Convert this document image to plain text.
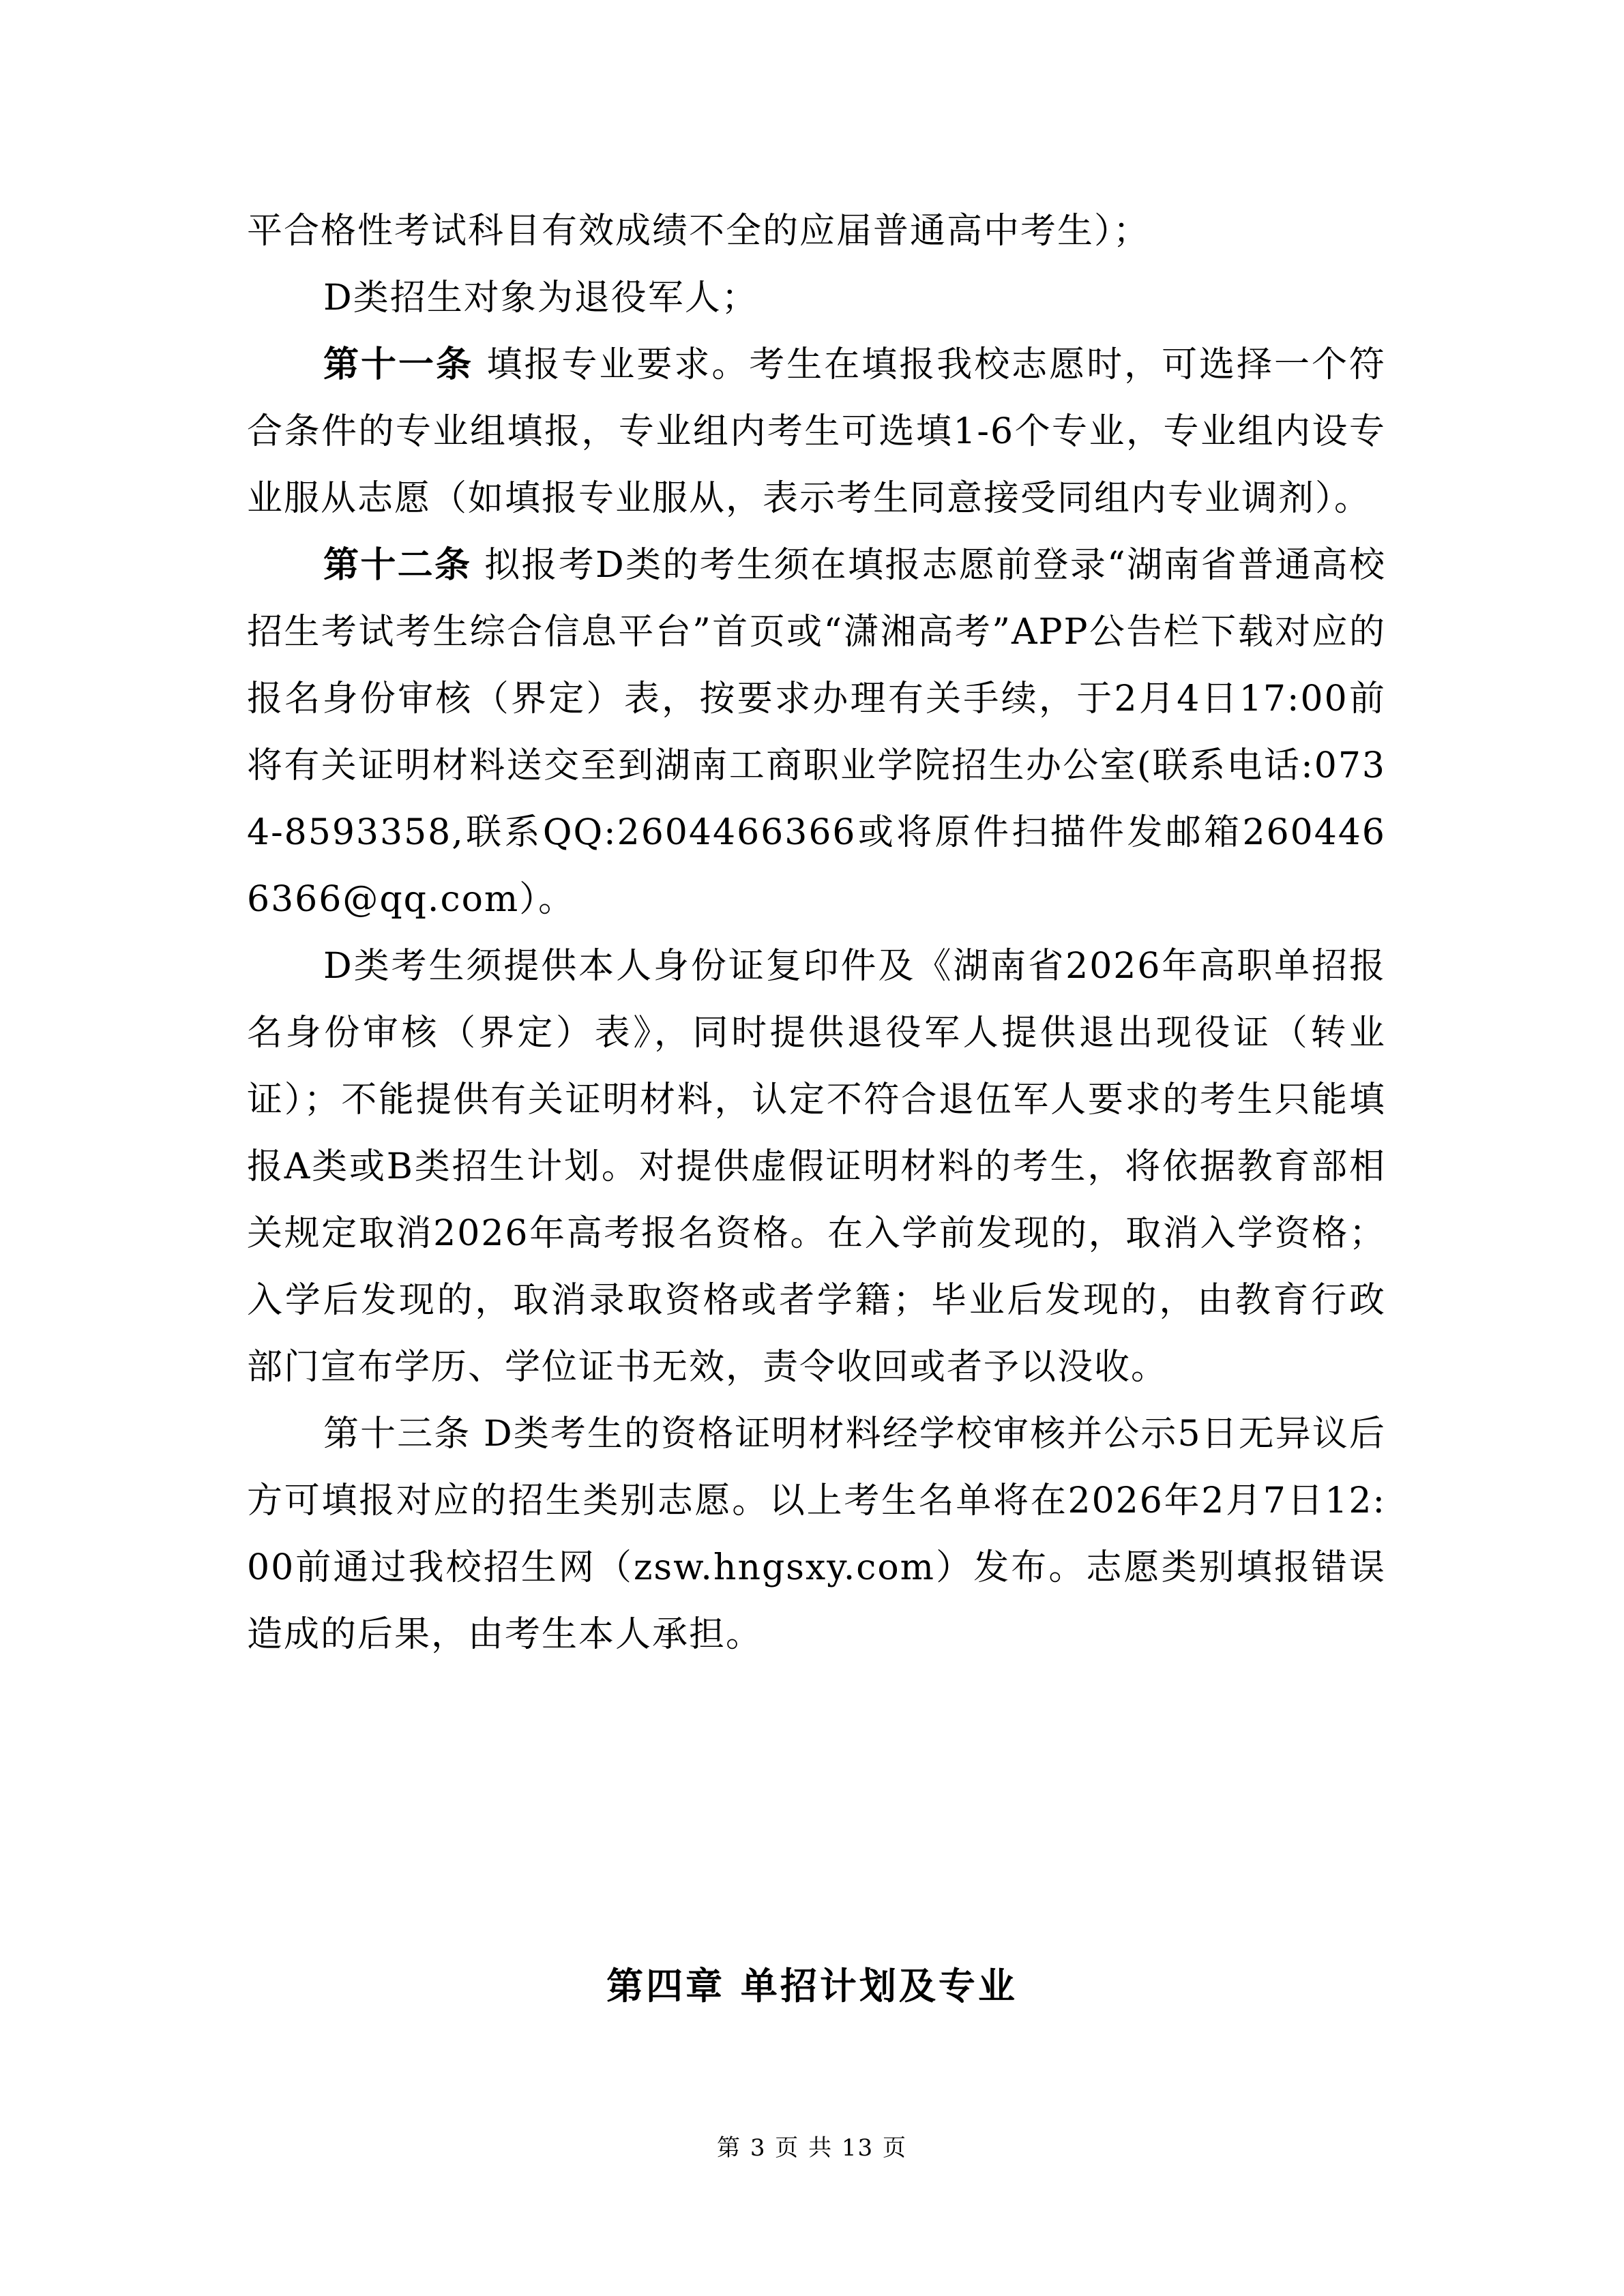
平合格性考试科目有效成绩不全的应届普通高中考生）；

D类招生对象为退役军人；

第十一条 填报专业要求。考生在填报我校志愿时，可选择一个符合条件的专业组填报，专业组内考生可选填1-6个专业，专业组内设专业服从志愿（如填报专业服从，表示考生同意接受同组内专业调剂）。

第十二条 拟报考D类的考生须在填报志愿前登录“湖南省普通高校招生考试考生综合信息平台”首页或“潇湘高考”APP公告栏下载对应的报名身份审核（界定）表，按要求办理有关手续，于2月4日17:00前将有关证明材料送交至到湖南工商职业学院招生办公室(联系电话:0734-8593358,联系QQ:2604466366或将原件扫描件发邮箱2604466366@qq.com）。

D类考生须提供本人身份证复印件及《湖南省2026年高职单招报名身份审核（界定）表》，同时提供退役军人提供退出现役证（转业证）；不能提供有关证明材料，认定不符合退伍军人要求的考生只能填报A类或B类招生计划。对提供虚假证明材料的考生，将依据教育部相关规定取消2026年高考报名资格。在入学前发现的，取消入学资格；入学后发现的，取消录取资格或者学籍；毕业后发现的，由教育行政部门宣布学历、学位证书无效，责令收回或者予以没收。

第十三条 D类考生的资格证明材料经学校审核并公示5日无异议后方可填报对应的招生类别志愿。以上考生名单将在2026年2月7日12:00前通过我校招生网（zsw.hngsxy.com）发布。志愿类别填报错误造成的后果，由考生本人承担。

第四章 单招计划及专业
第 3 页 共 13 页
